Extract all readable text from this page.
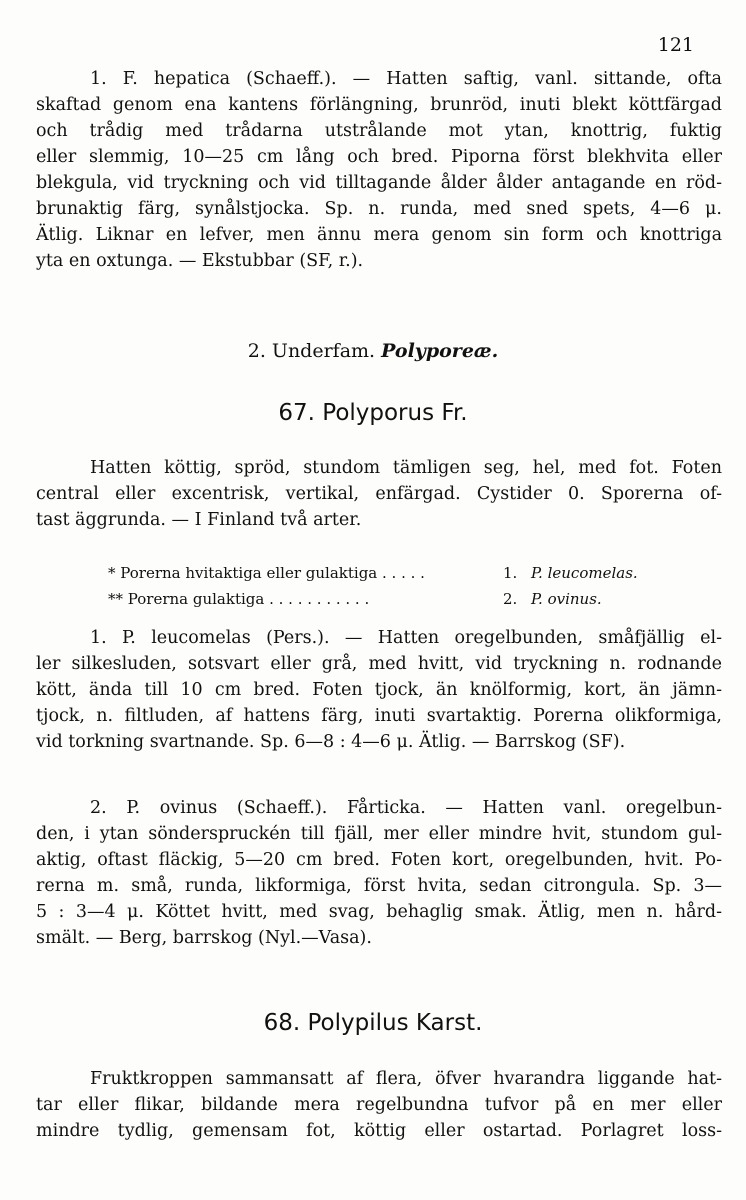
121
1. F. hepatica (Schaeff.). — Hatten saftig, vanl. sittande, ofta
skaftad genom ena kantens förlängning, brunröd, inuti blekt köttfärgad
och trådig med trådarna utstrålande mot ytan, knottrig, fuktig
eller slemmig, 10—25 cm lång och bred. Piporna först blekhvita eller
blekgula, vid tryckning och vid tilltagande ålder ålder antagande en röd-
brunaktig färg, synålstjocka. Sp. n. runda, med sned spets, 4—6 μ.
Ätlig. Liknar en lefver, men ännu mera genom sin form och knottriga
yta en oxtunga. — Ekstubbar (SF, r.).
2. Underfam. Polyporeæ.
67. Polyporus Fr.
Hatten köttig, spröd, stundom tämligen seg, hel, med fot. Foten
central eller excentrisk, vertikal, enfärgad. Cystider 0. Sporerna of-
tast äggrunda. — I Finland två arter.
* Porerna hvitaktiga eller gulaktiga . . . . .	1. P. leucomelas.
** Porerna gulaktiga . . . . . . . . . . .	2. P. ovinus.
1. P. leucomelas (Pers.). — Hatten oregelbunden, småfjällig el-
ler silkesluden, sotsvart eller grå, med hvitt, vid tryckning n. rodnande
kött, ända till 10 cm bred. Foten tjock, än knölformig, kort, än jämn-
tjock, n. filtluden, af hattens färg, inuti svartaktig. Porerna olikformiga,
vid torkning svartnande. Sp. 6—8 : 4—6 μ. Ätlig. — Barrskog (SF).
2. P. ovinus (Schaeff.). Fårticka. — Hatten vanl. oregelbun-
den, i ytan sönderspruckén till fjäll, mer eller mindre hvit, stundom gul-
aktig, oftast fläckig, 5—20 cm bred. Foten kort, oregelbunden, hvit. Po-
rerna m. små, runda, likformiga, först hvita, sedan citrongula. Sp. 3—
5 : 3—4 μ. Köttet hvitt, med svag, behaglig smak. Ätlig, men n. hård-
smält. — Berg, barrskog (Nyl.—Vasa).
68. Polypilus Karst.
Fruktkroppen sammansatt af flera, öfver hvarandra liggande hat-
tar eller flikar, bildande mera regelbundna tufvor på en mer eller
mindre tydlig, gemensam fot, köttig eller ostartad. Porlagret loss-
